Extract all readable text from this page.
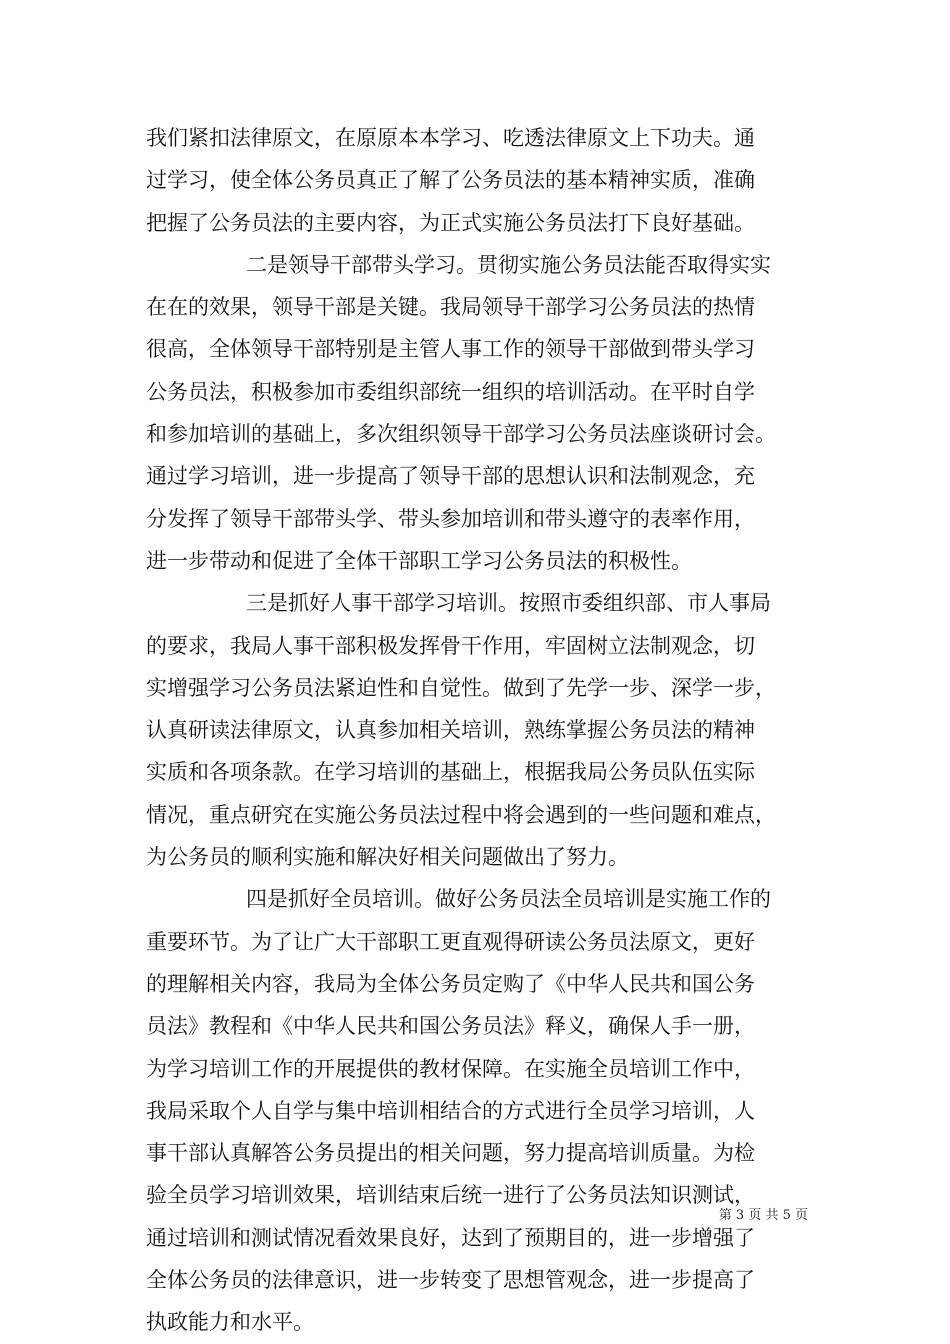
我们紧扣法律原文，在原原本本学习、吃透法律原文上下功夫。通
过学习，使全体公务员真正了解了公务员法的基本精神实质，准确
把握了公务员法的主要内容，为正式实施公务员法打下良好基础。
二是领导干部带头学习。贯彻实施公务员法能否取得实实
在在的效果，领导干部是关键。我局领导干部学习公务员法的热情
很高，全体领导干部特别是主管人事工作的领导干部做到带头学习
公务员法，积极参加市委组织部统一组织的培训活动。在平时自学
和参加培训的基础上，多次组织领导干部学习公务员法座谈研讨会。
通过学习培训，进一步提高了领导干部的思想认识和法制观念，充
分发挥了领导干部带头学、带头参加培训和带头遵守的表率作用，
进一步带动和促进了全体干部职工学习公务员法的积极性。
三是抓好人事干部学习培训。按照市委组织部、市人事局
的要求，我局人事干部积极发挥骨干作用，牢固树立法制观念，切
实增强学习公务员法紧迫性和自觉性。做到了先学一步、深学一步，
认真研读法律原文，认真参加相关培训，熟练掌握公务员法的精神
实质和各项条款。在学习培训的基础上，根据我局公务员队伍实际
情况，重点研究在实施公务员法过程中将会遇到的一些问题和难点，
为公务员的顺利实施和解决好相关问题做出了努力。
四是抓好全员培训。做好公务员法全员培训是实施工作的
重要环节。为了让广大干部职工更直观得研读公务员法原文，更好
的理解相关内容，我局为全体公务员定购了《中华人民共和国公务
员法》教程和《中华人民共和国公务员法》释义，确保人手一册，
为学习培训工作的开展提供的教材保障。在实施全员培训工作中，
我局采取个人自学与集中培训相结合的方式进行全员学习培训，人
事干部认真解答公务员提出的相关问题，努力提高培训质量。为检
验全员学习培训效果，培训结束后统一进行了公务员法知识测试，
通过培训和测试情况看效果良好，达到了预期目的，进一步增强了
全体公务员的法律意识，进一步转变了思想管观念，进一步提高了
执政能力和水平。
第 3 页 共 5 页
